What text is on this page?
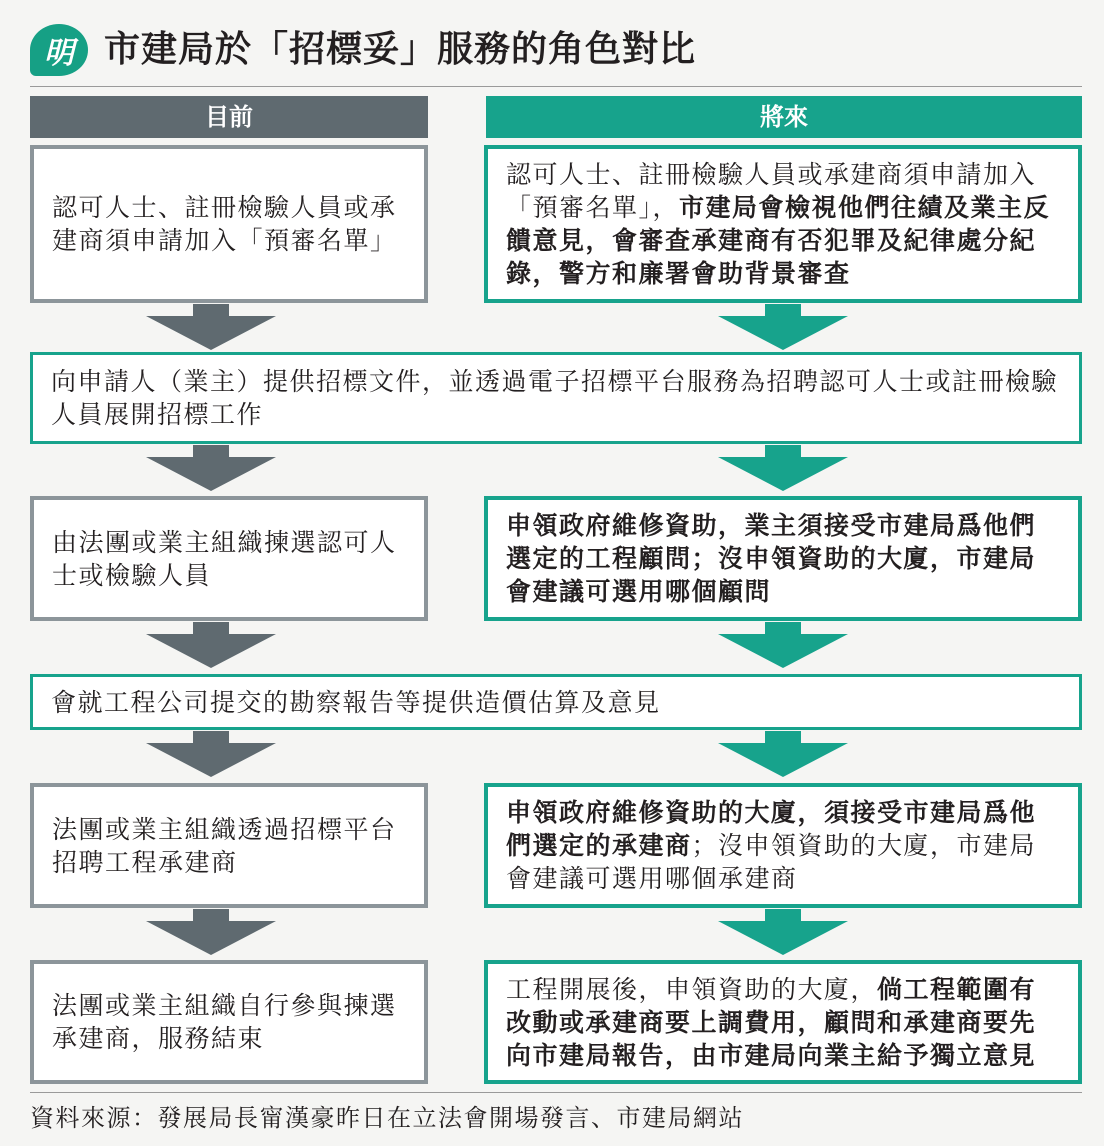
明 市建局於「招標妥」服務的角色對比
目前	將來
認可人士、註冊檢驗人員或承建商須申請加入「預審名單」
認可人士、註冊檢驗人員或承建商須申請加入「預審名單」，市建局會檢視他們往績及業主反饋意見，會審查承建商有否犯罪及紀律處分紀錄，警方和廉署會助背景審查
向申請人（業主）提供招標文件，並透過電子招標平台服務為招聘認可人士或註冊檢驗人員展開招標工作
由法團或業主組織揀選認可人士或檢驗人員
申領政府維修資助，業主須接受市建局爲他們選定的工程顧問；沒申領資助的大廈，市建局會建議可選用哪個顧問
會就工程公司提交的勘察報告等提供造價估算及意見
法團或業主組織透過招標平台招聘工程承建商
申領政府維修資助的大廈，須接受市建局爲他們選定的承建商；沒申領資助的大廈，市建局會建議可選用哪個承建商
法團或業主組織自行參與揀選承建商，服務結束
工程開展後，申領資助的大廈，倘工程範圍有改動或承建商要上調費用，顧問和承建商要先向市建局報告，由市建局向業主給予獨立意見
資料來源：發展局長甯漢豪昨日在立法會開場發言、市建局網站
